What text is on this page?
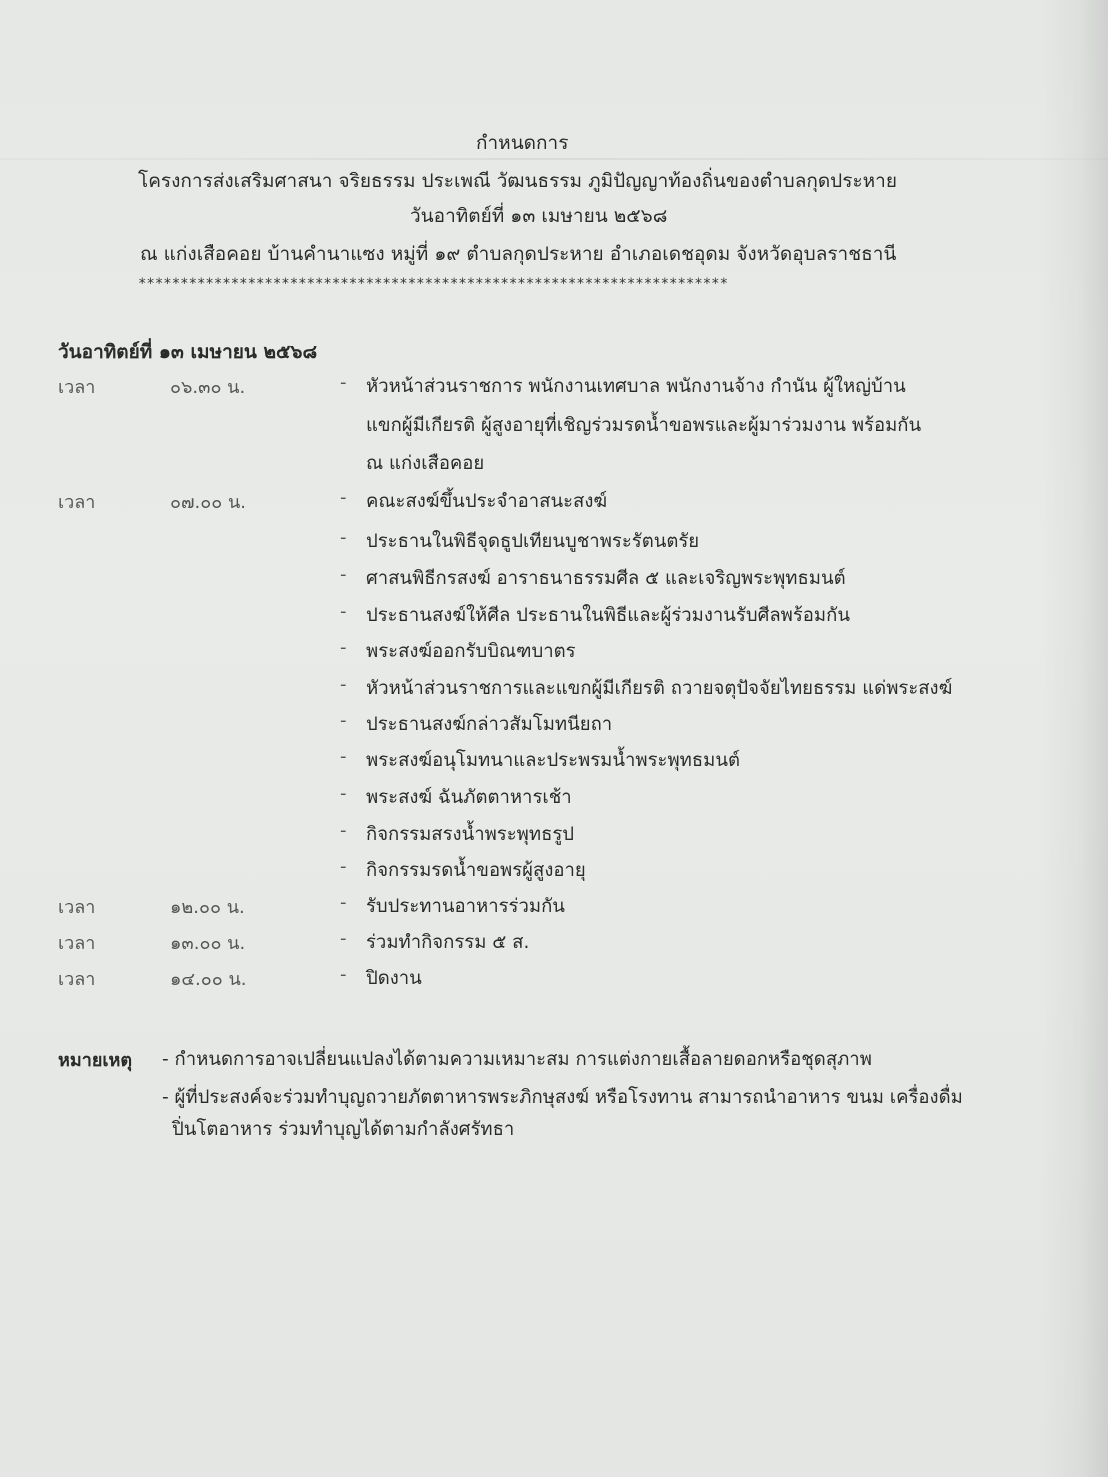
กำหนดการ
โครงการส่งเสริมศาสนา จริยธรรม ประเพณี วัฒนธรรม ภูมิปัญญาท้องถิ่นของตำบลกุดประหาย
วันอาทิตย์ที่ ๑๓ เมษายน ๒๕๖๘
ณ แก่งเสือคอย บ้านคำนาแซง หมู่ที่ ๑๙ ตำบลกุดประหาย อำเภอเดชอุดม จังหวัดอุบลราชธานี
**********************************************************************
วันอาทิตย์ที่ ๑๓ เมษายน ๒๕๖๘
เวลา	๐๖.๓๐ น.	- หัวหน้าส่วนราชการ พนักงานเทศบาล พนักงานจ้าง กำนัน ผู้ใหญ่บ้าน
แขกผู้มีเกียรติ ผู้สูงอายุที่เชิญร่วมรดน้ำขอพรและผู้มาร่วมงาน พร้อมกัน
ณ แก่งเสือคอย
เวลา	๐๗.๐๐ น.	- คณะสงฆ์ขึ้นประจำอาสนะสงฆ์
- ประธานในพิธีจุดธูปเทียนบูชาพระรัตนตรัย
- ศาสนพิธีกรสงฆ์ อาราธนาธรรมศีล ๕ และเจริญพระพุทธมนต์
- ประธานสงฆ์ให้ศีล ประธานในพิธีและผู้ร่วมงานรับศีลพร้อมกัน
- พระสงฆ์ออกรับบิณฑบาตร
- หัวหน้าส่วนราชการและแขกผู้มีเกียรติ ถวายจตุปัจจัยไทยธรรม แด่พระสงฆ์
- ประธานสงฆ์กล่าวสัมโมทนียถา
- พระสงฆ์อนุโมทนาและประพรมน้ำพระพุทธมนต์
- พระสงฆ์ ฉันภัตตาหารเช้า
- กิจกรรมสรงน้ำพระพุทธรูป
- กิจกรรมรดน้ำขอพรผู้สูงอายุ
เวลา	๑๒.๐๐ น.	- รับประทานอาหารร่วมกัน
เวลา	๑๓.๐๐ น.	- ร่วมทำกิจกรรม ๕ ส.
เวลา	๑๔.๐๐ น.	- ปิดงาน
หมายเหตุ - กำหนดการอาจเปลี่ยนแปลงได้ตามความเหมาะสม การแต่งกายเสื้อลายดอกหรือชุดสุภาพ
- ผู้ที่ประสงค์จะร่วมทำบุญถวายภัตตาหารพระภิกษุสงฆ์ หรือโรงทาน สามารถนำอาหาร ขนม เครื่องดื่ม
ปิ่นโตอาหาร ร่วมทำบุญได้ตามกำลังศรัทธา
